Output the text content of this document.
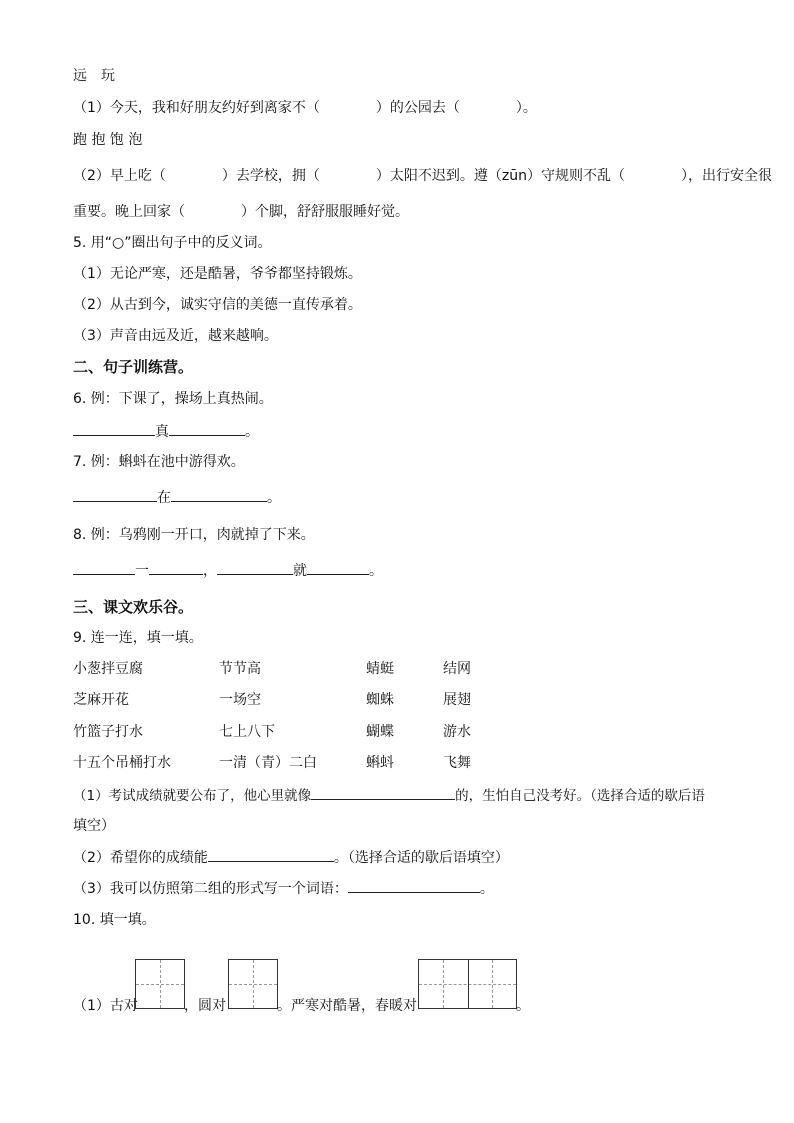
远　玩
（1）今天，我和好朋友约好到离家不（　　　　）的公园去（　　　　）。
跑 抱 饱 泡
（2）早上吃（　　　　）去学校，拥（　　　　）太阳不迟到。遵（zūn）守规则不乱（　　　　），出行安全很
重要。晚上回家（　　　　）个脚，舒舒服服睡好觉。
5. 用“○”圈出句子中的反义词。
（1）无论严寒，还是酷暑，爷爷都坚持锻炼。
（2）从古到今，诚实守信的美德一直传承着。
（3）声音由远及近，越来越响。
二、句子训练营。
6. 例：下课了，操场上真热闹。
真	。
7. 例：蝌蚪在池中游得欢。
在	。
8. 例：乌鸦刚一开口，肉就掉了下来。
一	，	就	。
三、课文欢乐谷。
9. 连一连，填一填。
小葱拌豆腐	节节高	蜻蜓	结网
芝麻开花	一场空	蜘蛛	展翅
竹篮子打水	七上八下	蝴蝶	游水
十五个吊桶打水	一清（青）二白	蝌蚪	飞舞
（1）考试成绩就要公布了，他心里就像	的，生怕自己没考好。（选择合适的歇后语
填空）
（2）希望你的成绩能	。（选择合适的歇后语填空）
（3）我可以仿照第二组的形式写一个词语：	。
10. 填一填。
（1）古对	，圆对	。严寒对酷暑，春暖对	。
